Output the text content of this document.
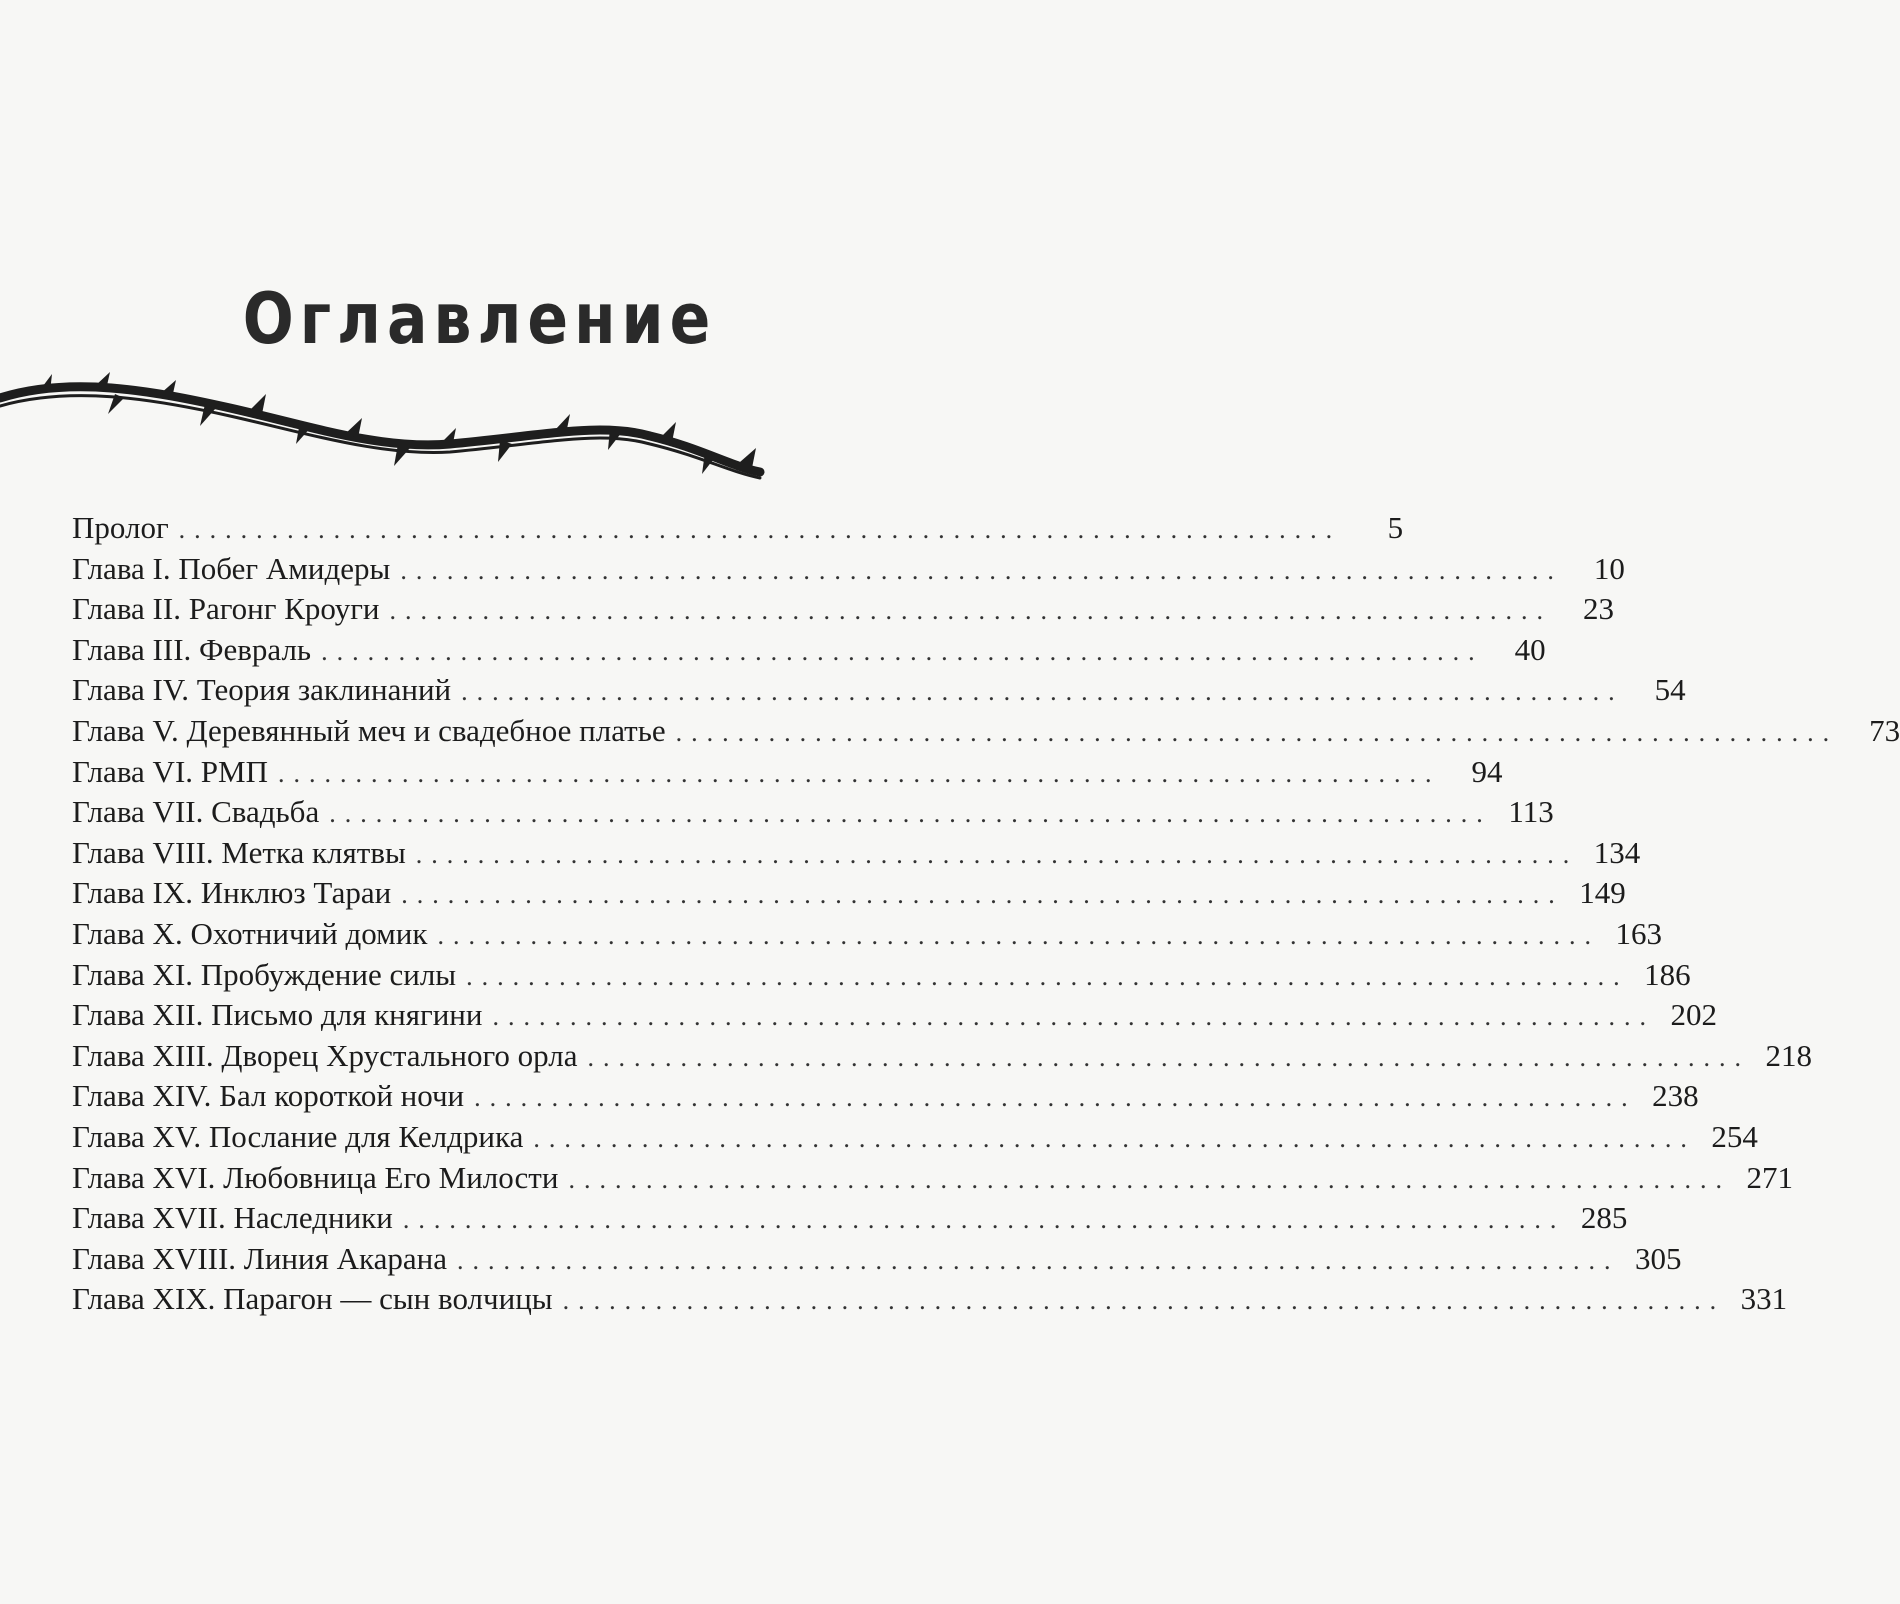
Оглавление
Пролог ...........................................................................	5
Глава I. Побег Амидеры ...........................................................................	10
Глава II. Рагонг Кроуги ...........................................................................	23
Глава III. Февраль ...........................................................................	40
Глава IV. Теория заклинаний ...........................................................................	54
Глава V. Деревянный меч и свадебное платье ...........................................................................	73
Глава VI. РМП ...........................................................................	94
Глава VII. Свадьба ........................................................................... 113
Глава VIII. Метка клятвы ........................................................................... 134
Глава IX. Инклюз Тараи ........................................................................... 149
Глава X. Охотничий домик ........................................................................... 163
Глава XI. Пробуждение силы ........................................................................... 186
Глава XII. Письмо для княгини ........................................................................... 202
Глава XIII. Дворец Хрустального орла ........................................................................... 218
Глава XIV. Бал короткой ночи ........................................................................... 238
Глава XV. Послание для Келдрика ........................................................................... 254
Глава XVI. Любовница Его Милости ........................................................................... 271
Глава XVII. Наследники ........................................................................... 285
Глава XVIII. Линия Акарана ........................................................................... 305
Глава XIX. Парагон — сын волчицы ........................................................................... 331
